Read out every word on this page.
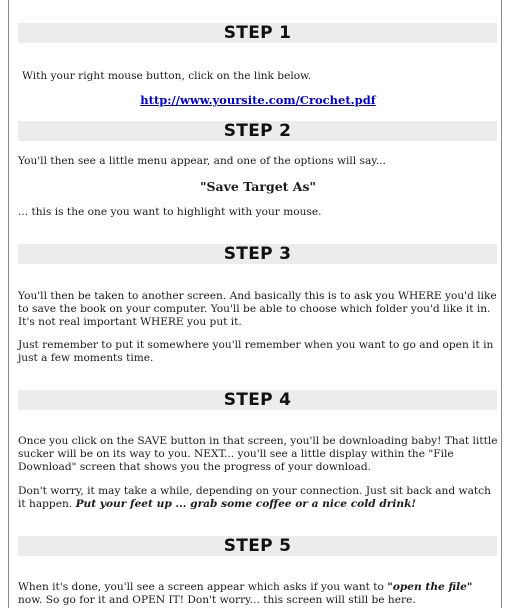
STEP 1

With your right mouse button, click on the link below.

http://www.yoursite.com/Crochet.pdf

STEP 2

You'll then see a little menu appear, and one of the options will say...

"Save Target As"

... this is the one you want to highlight with your mouse.

STEP 3

You'll then be taken to another screen. And basically this is to ask you WHERE you'd like to save the book on your computer. You'll be able to choose which folder you'd like it in. It's not real important WHERE you put it.

Just remember to put it somewhere you'll remember when you want to go and open it in just a few moments time.

STEP 4

Once you click on the SAVE button in that screen, you'll be downloading baby! That little sucker will be on its way to you. NEXT... you'll see a little display within the "File Download" screen that shows you the progress of your download.

Don't worry, it may take a while, depending on your connection. Just sit back and watch it happen. Put your feet up ... grab some coffee or a nice cold drink!

STEP 5

When it's done, you'll see a screen appear which asks if you want to "open the file" now. So go for it and OPEN IT! Don't worry... this screen will still be here.
